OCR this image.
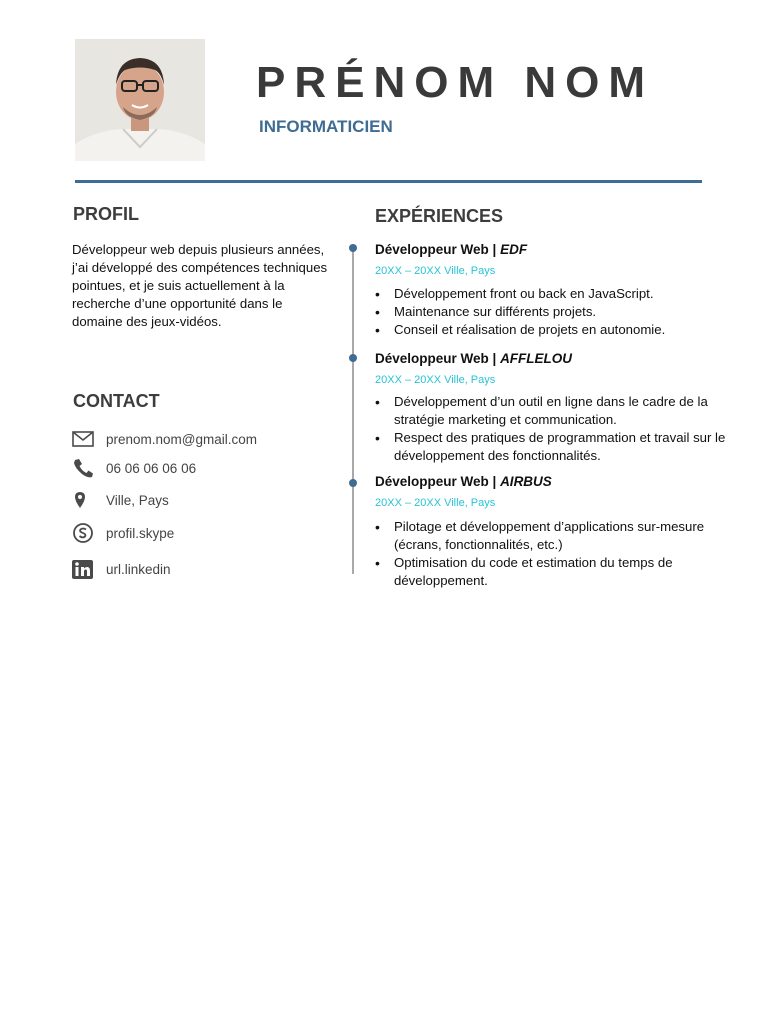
PRÉNOM NOM
INFORMATICIEN
PROFIL
Développeur web depuis plusieurs années, j’ai développé des compétences techniques pointues, et je suis actuellement à la recherche d’une opportunité dans le domaine des jeux-vidéos.
CONTACT
prenom.nom@gmail.com
06 06 06 06 06
Ville, Pays
profil.skype
url.linkedin
EXPÉRIENCES
Développeur Web | EDF
20XX – 20XX Ville, Pays
• Développement front ou back en JavaScript.
• Maintenance sur différents projets.
• Conseil et réalisation de projets en autonomie.
Développeur Web | AFFLELOU
20XX – 20XX Ville, Pays
• Développement d’un outil en ligne dans le cadre de la stratégie marketing et communication.
• Respect des pratiques de programmation et travail sur le développement des fonctionnalités.
Développeur Web | AIRBUS
20XX – 20XX Ville, Pays
• Pilotage et développement d’applications sur-mesure (écrans, fonctionnalités, etc.)
• Optimisation du code et estimation du temps de développement.
